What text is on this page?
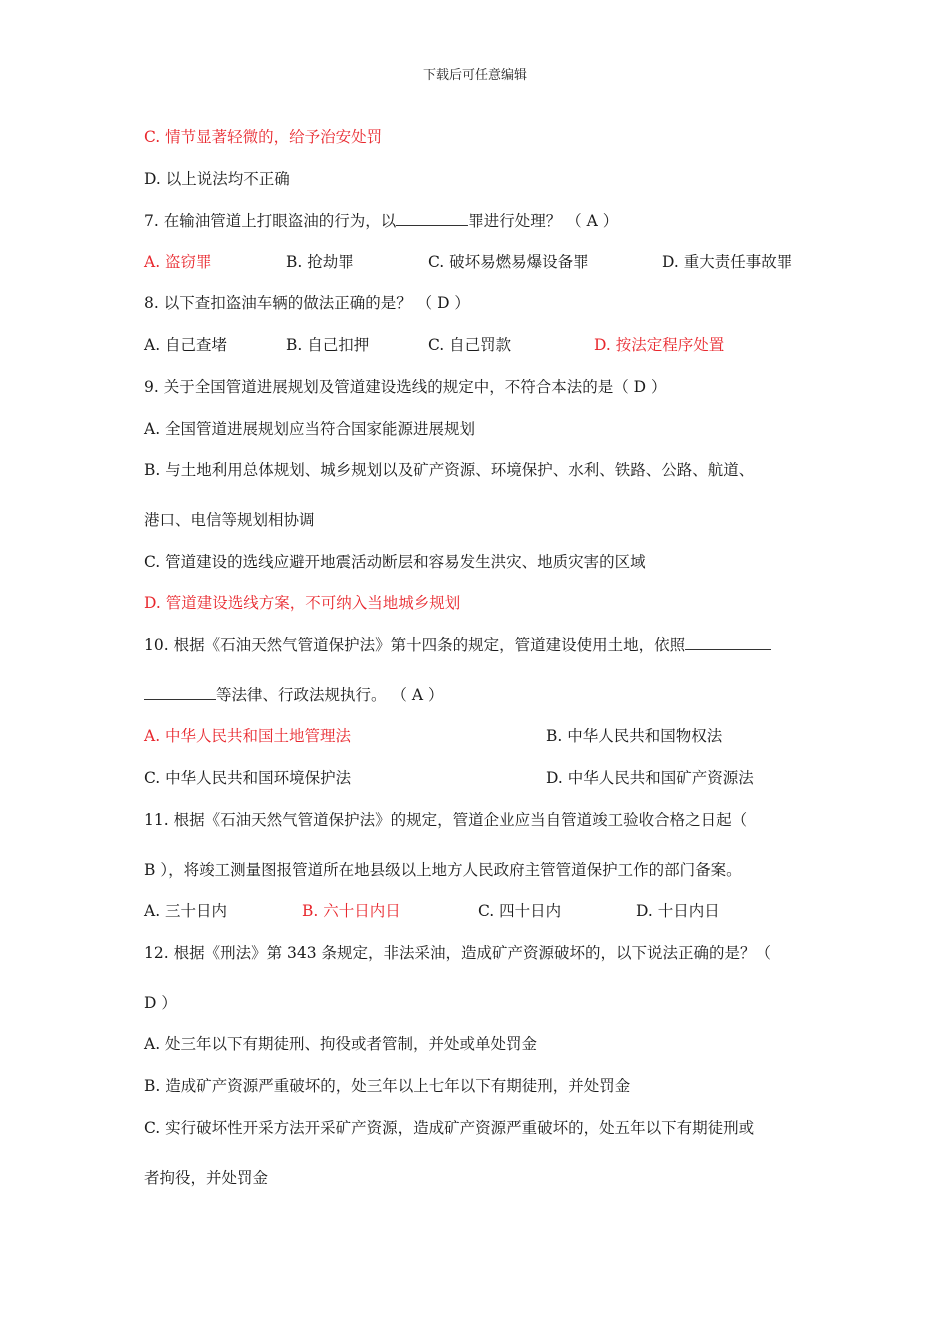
下载后可任意编辑
C. 情节显著轻微的，给予治安处罚
D. 以上说法均不正确
7. 在输油管道上打眼盗油的行为，以	罪进行处理？ （ A ）
A. 盗窃罪	B. 抢劫罪	C. 破坏易燃易爆设备罪	D. 重大责任事故罪
8. 以下查扣盗油车辆的做法正确的是？ （ D ）
A. 自己查堵	B. 自己扣押	C. 自己罚款	D. 按法定程序处置
9. 关于全国管道进展规划及管道建设选线的规定中，不符合本法的是（ D ）
A. 全国管道进展规划应当符合国家能源进展规划
B. 与土地利用总体规划、城乡规划以及矿产资源、环境保护、水利、铁路、公路、航道、
港口、电信等规划相协调
C. 管道建设的选线应避开地震活动断层和容易发生洪灾、地质灾害的区域
D. 管道建设选线方案，不可纳入当地城乡规划
10. 根据《石油天然气管道保护法》第十四条的规定，管道建设使用土地，依照
等法律、行政法规执行。 （ A ）
A. 中华人民共和国土地管理法	B. 中华人民共和国物权法
C. 中华人民共和国环境保护法	D. 中华人民共和国矿产资源法
11. 根据《石油天然气管道保护法》的规定，管道企业应当自管道竣工验收合格之日起（
B ），将竣工测量图报管道所在地县级以上地方人民政府主管管道保护工作的部门备案。
A. 三十日内	B. 六十日内日	C. 四十日内	D. 十日内日
12. 根据《刑法》第 343 条规定，非法采油，造成矿产资源破坏的，以下说法正确的是？（
D ）
A. 处三年以下有期徒刑、拘役或者管制，并处或单处罚金
B. 造成矿产资源严重破坏的，处三年以上七年以下有期徒刑，并处罚金
C. 实行破坏性开采方法开采矿产资源，造成矿产资源严重破坏的，处五年以下有期徒刑或
者拘役，并处罚金
